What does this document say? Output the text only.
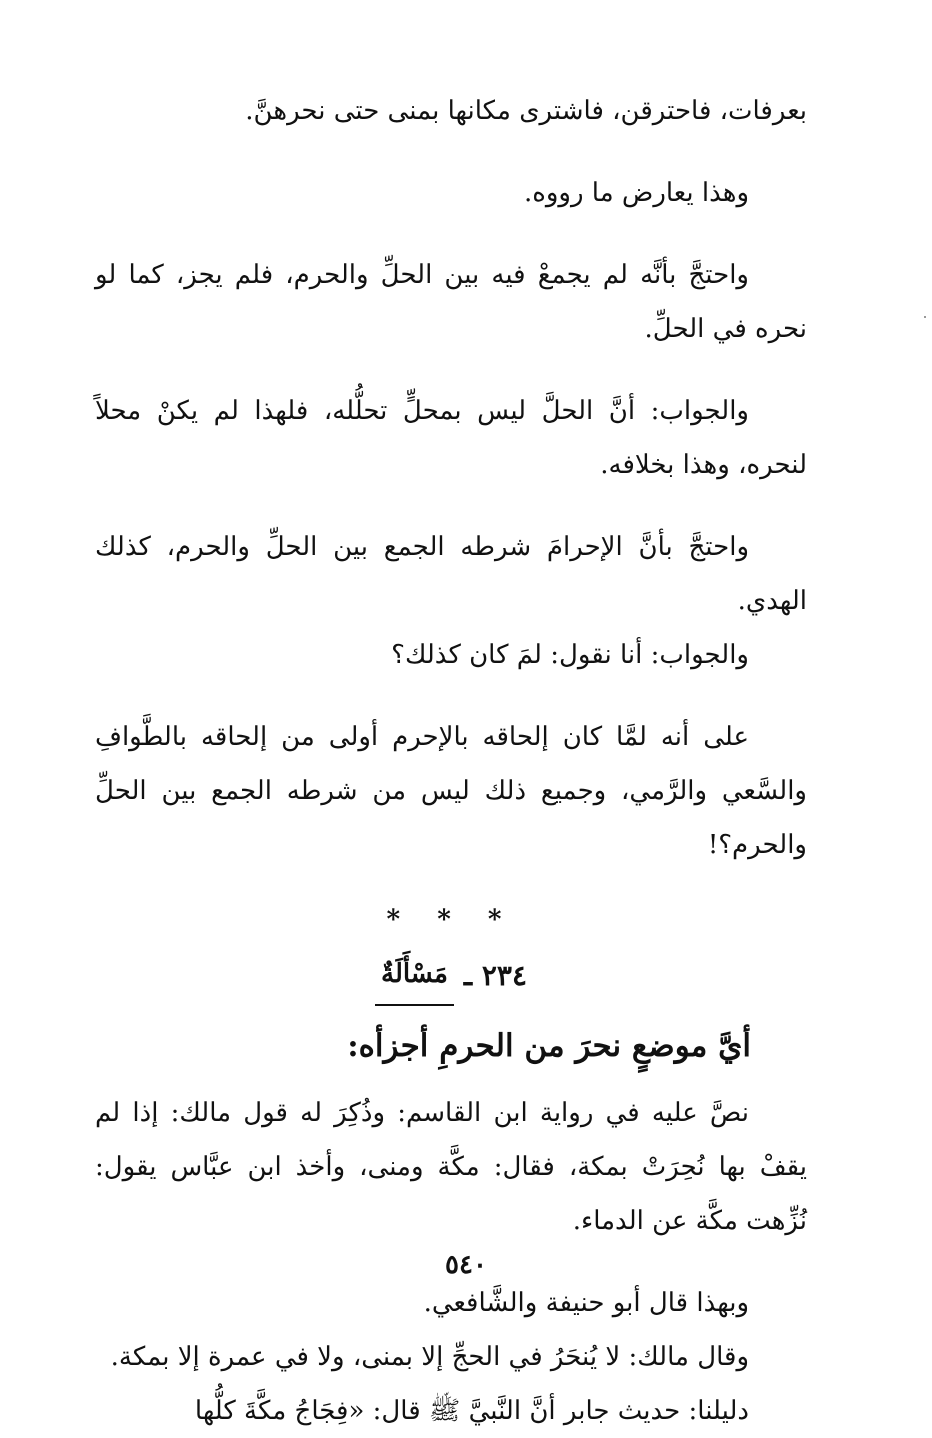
بعرفات، فاحترقن، فاشترى مكانها بمنى حتى نحرهنَّ.

وهذا يعارض ما رووه.

واحتجَّ بأنَّه لم يجمعْ فيه بين الحلِّ والحرم، فلم يجز، كما لو نحره في الحلِّ.

والجواب: أنَّ الحلَّ ليس بمحلٍّ تحلُّله، فلهذا لم يكنْ محلاً لنحره، وهذا بخلافه.

واحتجَّ بأنَّ الإحرامَ شرطه الجمع بين الحلِّ والحرم، كذلك الهدي.

والجواب: أنا نقول: لمَ كان كذلك؟

على أنه لمَّا كان إلحاقه بالإحرم أولى من إلحاقه بالطَّوافِ والسَّعي والرَّمي، وجميع ذلك ليس من شرطه الجمع بين الحلِّ والحرم؟!

* * *
٢٣٤ ـ
مَسْأَلَةٌ
أيَّ موضعٍ نحرَ من الحرمِ أجزأه:

نصَّ عليه في رواية ابن القاسم: وذُكِرَ له قول مالك: إذا لم يقفْ بها نُحِرَتْ بمكة، فقال: مكَّة ومنى، وأخذ ابن عبَّاس يقول: نُزِّهت مكَّة عن الدماء.

وبهذا قال أبو حنيفة والشَّافعي.

وقال مالك: لا يُنحَرُ في الحجِّ إلا بمنى، ولا في عمرة إلا بمكة.

دليلنا: حديث جابر أنَّ النَّبيَّ ﷺ قال: «فِجَاجُ مكَّةَ كلُّها

٥٤٠
